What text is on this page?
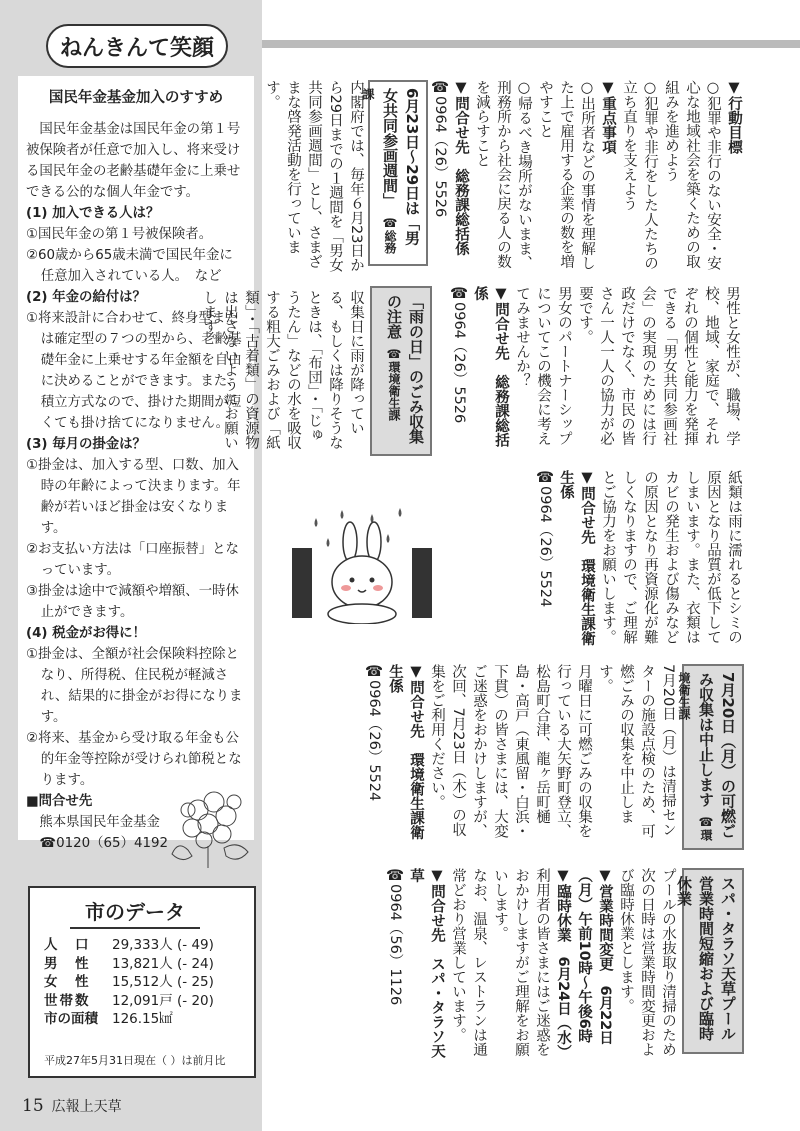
ねんきんて笑顔
国民年金基金加入のすすめ

国民年金基金は国民年金の第１号被保険者が任意で加入し、将来受ける国民年金の老齢基礎年金に上乗せできる公的な個人年金です。

(1) 加入できる人は？

①国民年金の第１号被保険者。

②60歳から65歳未満で国民年金に任意加入されている人。　など

(2) 年金の給付は？

①将来設計に合わせて、終身型または確定型の７つの型から、老齢基礎年金に上乗せする年金額を自由に決めることができます。また、積立方式なので、掛けた期間が短くても掛け捨てになりません。

(3) 毎月の掛金は？

①掛金は、加入する型、口数、加入時の年齢によって決まります。年齢が若いほど掛金は安くなります。

②お支払い方法は「口座振替」となっています。

③掛金は途中で減額や増額、一時休止ができます。

(4) 税金がお得に！

①掛金は、全額が社会保険料控除となり、所得税、住民税が軽減され、結果的に掛金がお得になります。

②将来、基金から受け取る年金も公的年金等控除が受けられ節税となります。

■問合せ先

熊本県国民年金基金

☎0120（65）4192

市のデータ
人　口	29,333人 (- 49)
男　性	13,821人 (- 24)
女　性	15,512人 (- 25)
世帯数	12,091戸 (- 20)
市の面積	126.15㎢
平成27年5月31日現在（ ）は前月比
15 広報上天草

▼行動目標

○犯罪や非行のない安全・安心な地域社会を築くための取組みを進めよう

○犯罪や非行をした人たちの立ち直りを支えよう

▼重点事項

○出所者などの事情を理解した上で雇用する企業の数を増やすこと

○帰るべき場所がないまま、刑務所から社会に戻る人の数を減らすこと

▼問合せ先　総務課総括係

☎0964（26）5526

6月23日〜29日は「男女共同参画週間」☎総務課

内閣府では、毎年６月23日から29日までの１週間を「男女共同参画週間」とし、さまざまな啓発活動を行っています。

男性と女性が、職場、学校、地域、家庭で、それぞれの個性と能力を発揮できる「男女共同参画社会」の実現のためには行政だけでなく、市民の皆さん一人一人の協力が必要です。

男女のパートナーシップについてこの機会に考えてみませんか？

▼問合せ先　総務課総括係

☎0964（26）5526

「雨の日」のごみ収集の注意☎環境衛生課

収集日に雨が降っている、もしくは降りそうなときは、「布団」・「じゅうたん」などの水を吸収する粗大ごみおよび「紙類」・「古着類」の資源物は出さないようにお願いします。

紙類は雨に濡れるとシミの原因となり品質が低下してしまいます。また、衣類はカビの発生および傷みなどの原因となり再資源化が難しくなりますので、ご理解とご協力をお願いします。

▼問合せ先　環境衛生課衛生係

☎0964（26）5524

7月20日（月）の可燃ごみ収集は中止します☎環境衛生課

7月20日（月）は清掃センターの施設点検のため、可燃ごみの収集を中止します。

月曜日に可燃ごみの収集を行っている大矢野町登立、松島町合津、龍ヶ岳町樋島・高戸（東風留・白浜・下貫）の皆さまには、大変ご迷惑をおかけしますが、次回、7月23日（木）の収集をご利用ください。

▼問合せ先　環境衛生課衛生係

☎0964（26）5524

スパ・タラソ天草プール営業時間短縮および臨時休業

プールの水抜取り清掃のため次の日時は営業時間変更および臨時休業とします。

▼営業時間変更　6月22日（月）午前10時〜午後6時

▼臨時休業　6月24日（水）

利用者の皆さまにはご迷惑をおかけしますがご理解をお願いします。

なお、温泉、レストランは通常どおり営業しています。

▼問合せ先　スパ・タラソ天草

☎0964（56）1126
